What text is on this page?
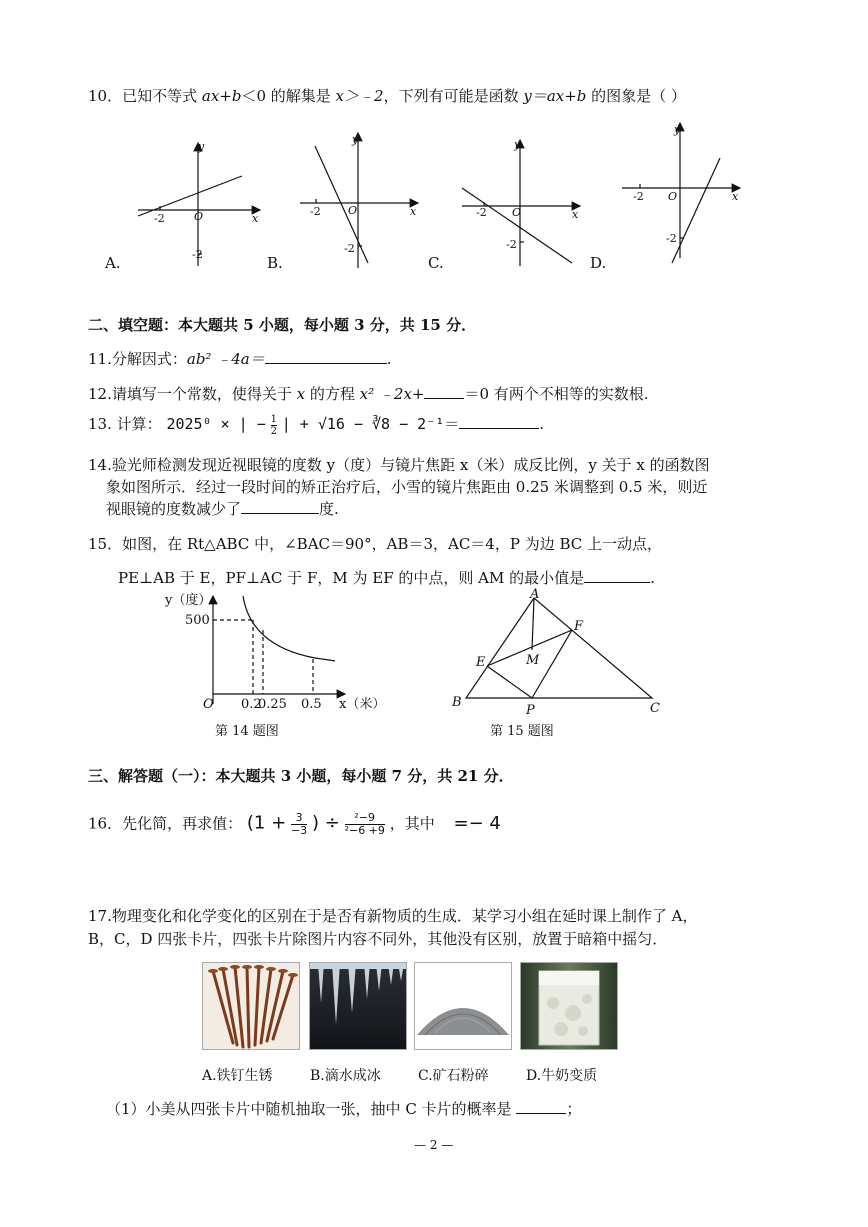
10．已知不等式 ax+b＜0 的解集是 x＞﹣2，下列有可能是函数 y＝ax+b 的图象是（ ）
y
x
O
y
x
O
y
x
O
y
x
O
-2
-2
-2
-2
-2
-2
-2
-2
A.	B.	C.	D.
二、填空题：本大题共 5 小题，每小题 3 分，共 15 分．
11.分解因式：ab² ﹣4a＝	.
12.请填写一个常数，使得关于 x 的方程 x² ﹣2x+	＝0 有两个不相等的实数根.
13. 计算： 2025⁰ × | − $\frac{1}{2}$ | + √16 − ∛8 − 2⁻¹＝	.
14.验光师检测发现近视眼镜的度数 y（度）与镜片焦距 x（米）成反比例，y 关于 x 的函数图
象如图所示．经过一段时间的矫正治疗后，小雪的镜片焦距由 0.25 米调整到 0.5 米，则近
视眼镜的度数减少了	度.
15．如图，在 Rt△ABC 中，∠BAC＝90°，AB＝3，AC＝4，P 为边 BC 上一动点，
PE⊥AB 于 E，PF⊥AC 于 F，M 为 EF 的中点，则 AM 的最小值是	.
y（度）
500
O 0.2
0.25 0.5 x（米）
第 14 题图
A
B	C
P
E
F
M
第 15 题图
三、解答题（一）：本大题共 3 小题，每小题 7 分，共 21 分．
16．先化简，再求值： ($1 + \frac{3}{-3}$ ) ÷ $\frac{\text{²−9}}{\text{²−6 +9}}$ ，其中 =− 4
17.物理变化和化学变化的区别在于是否有新物质的生成．某学习小组在延时课上制作了 A，
B，C，D 四张卡片，四张卡片除图片内容不同外，其他没有区别，放置于暗箱中摇匀．
A.铁钉生锈	B.滴水成冰	C.矿石粉碎	D.牛奶变质
（1）小美从四张卡片中随机抽取一张，抽中 C 卡片的概率是	；
— 2 —
